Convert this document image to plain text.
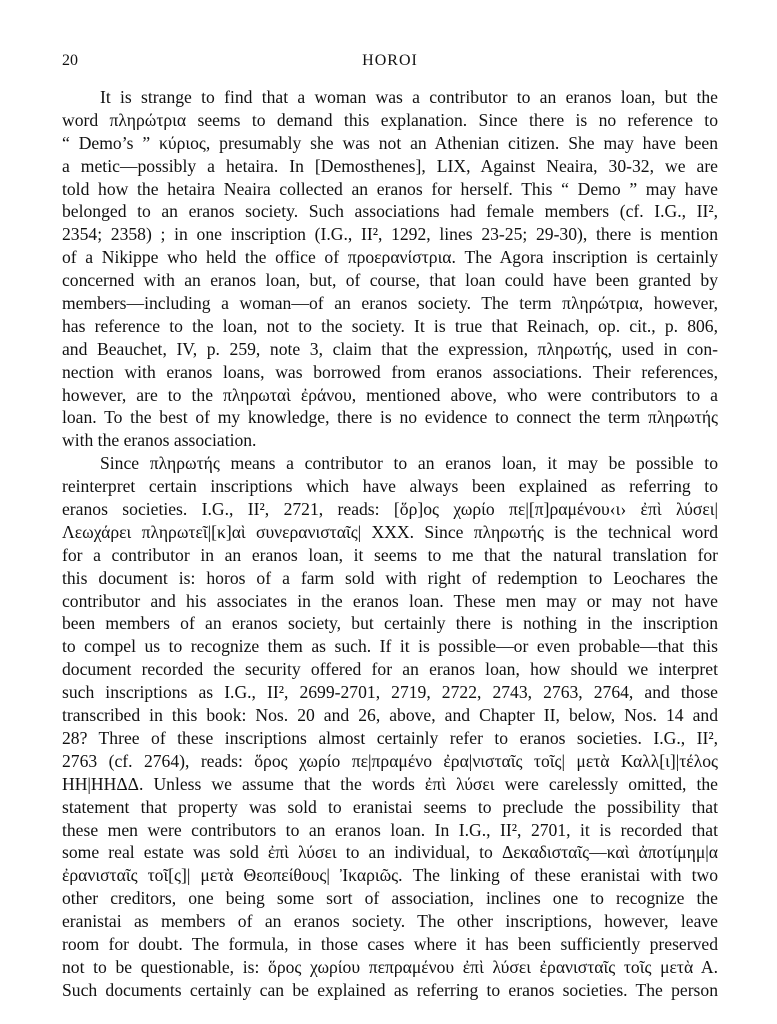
20	HOROI
It is strange to find that a woman was a contributor to an eranos loan, but the
word πληρώτρια seems to demand this explanation. Since there is no reference to
“ Demo’s ” κύριος, presumably she was not an Athenian citizen. She may have been
a metic—possibly a hetaira. In [Demosthenes], LIX, Against Neaira, 30-32, we are
told how the hetaira Neaira collected an eranos for herself. This “ Demo ” may have
belonged to an eranos society. Such associations had female members (cf. I.G., II²,
2354; 2358) ; in one inscription (I.G., II², 1292, lines 23-25; 29-30), there is mention
of a Nikippe who held the office of προερανίστρια. The Agora inscription is certainly
concerned with an eranos loan, but, of course, that loan could have been granted by
members—including a woman—of an eranos society. The term πληρώτρια, however,
has reference to the loan, not to the society. It is true that Reinach, op. cit., p. 806,
and Beauchet, IV, p. 259, note 3, claim that the expression, πληρωτής, used in con-
nection with eranos loans, was borrowed from eranos associations. Their references,
however, are to the πληρωταὶ ἐράνου, mentioned above, who were contributors to a
loan. To the best of my knowledge, there is no evidence to connect the term πληρωτής
with the eranos association.
Since πληρωτής means a contributor to an eranos loan, it may be possible to
reinterpret certain inscriptions which have always been explained as referring to
eranos societies. I.G., II², 2721, reads: [ὅρ]ος χωρίο πε|[π]ραμένου‹ι› ἐπὶ λύσει|
Λεωχάρει πληρωτεῖ|[κ]αὶ συνερανισταῖς| XXX. Since πληρωτής is the technical word
for a contributor in an eranos loan, it seems to me that the natural translation for
this document is: horos of a farm sold with right of redemption to Leochares the
contributor and his associates in the eranos loan. These men may or may not have
been members of an eranos society, but certainly there is nothing in the inscription
to compel us to recognize them as such. If it is possible—or even probable—that this
document recorded the security offered for an eranos loan, how should we interpret
such inscriptions as I.G., II², 2699-2701, 2719, 2722, 2743, 2763, 2764, and those
transcribed in this book: Nos. 20 and 26, above, and Chapter II, below, Nos. 14 and
28? Three of these inscriptions almost certainly refer to eranos societies. I.G., II²,
2763 (cf. 2764), reads: ὅρος χωρίο πε|πραμένο ἐρα|νισταῖς τοῖς| μετὰ Καλλ[ι]|τέλος
ΗΗ|ΗΗΔΔ. Unless we assume that the words ἐπὶ λύσει were carelessly omitted, the
statement that property was sold to eranistai seems to preclude the possibility that
these men were contributors to an eranos loan. In I.G., II², 2701, it is recorded that
some real estate was sold ἐπὶ λύσει to an individual, to Δεκαδισταῖς—καὶ ἀποτίμημ|α
ἐρανισταῖς τοῖ[ς]| μετὰ Θεοπείθους| Ἰκαριῶς. The linking of these eranistai with two
other creditors, one being some sort of association, inclines one to recognize the
eranistai as members of an eranos society. The other inscriptions, however, leave
room for doubt. The formula, in those cases where it has been sufficiently preserved
not to be questionable, is: ὅρος χωρίου πεπραμένου ἐπὶ λύσει ἐρανισταῖς τοῖς μετὰ Α.
Such documents certainly can be explained as referring to eranos societies. The person
